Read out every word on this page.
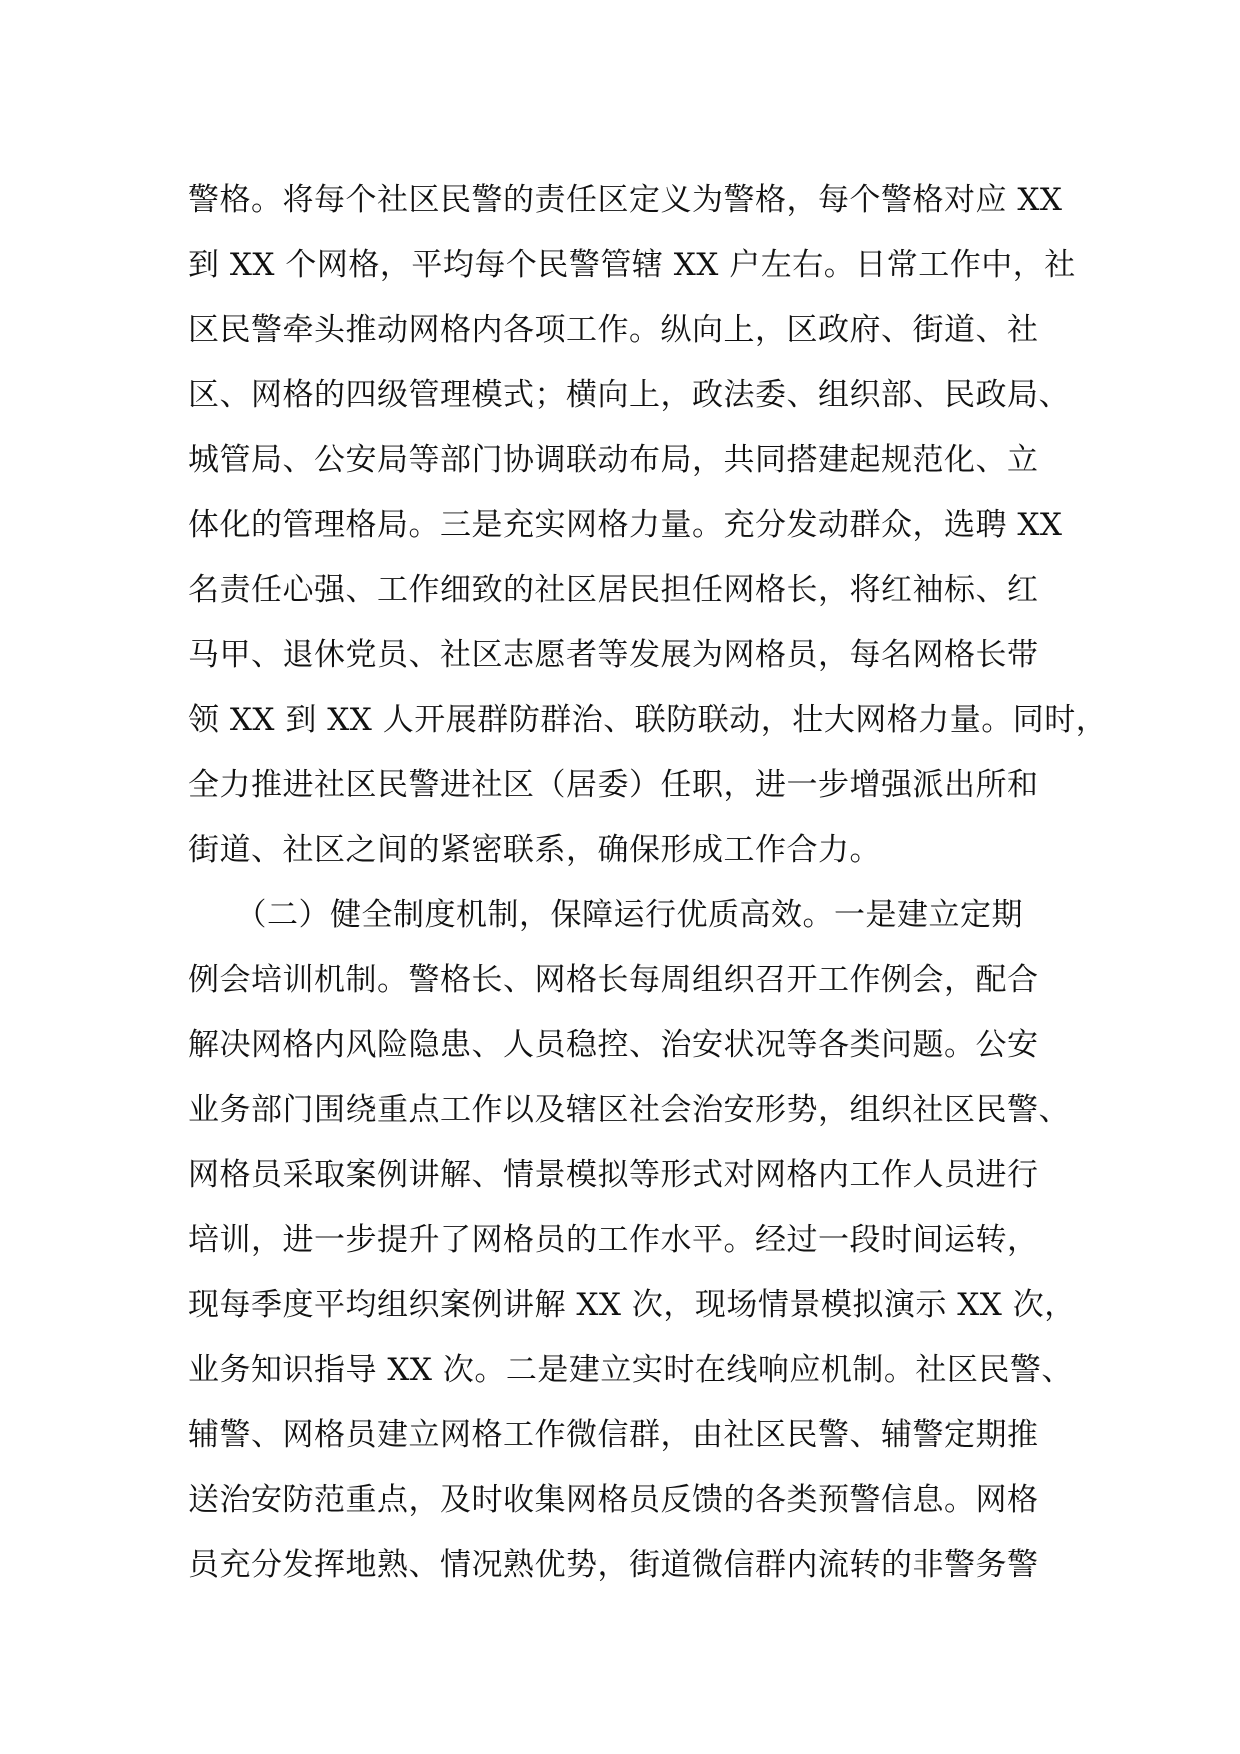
警格。将每个社区民警的责任区定义为警格，每个警格对应 XX
到 XX 个网格，平均每个民警管辖 XX 户左右。日常工作中，社
区民警牵头推动网格内各项工作。纵向上，区政府、街道、社
区、网格的四级管理模式；横向上，政法委、组织部、民政局、
城管局、公安局等部门协调联动布局，共同搭建起规范化、立
体化的管理格局。三是充实网格力量。充分发动群众，选聘 XX
名责任心强、工作细致的社区居民担任网格长，将红袖标、红
马甲、退休党员、社区志愿者等发展为网格员，每名网格长带
领 XX 到 XX 人开展群防群治、联防联动，壮大网格力量。同时，
全力推进社区民警进社区（居委）任职，进一步增强派出所和
街道、社区之间的紧密联系，确保形成工作合力。
　　（二）健全制度机制，保障运行优质高效。一是建立定期
例会培训机制。警格长、网格长每周组织召开工作例会，配合
解决网格内风险隐患、人员稳控、治安状况等各类问题。公安
业务部门围绕重点工作以及辖区社会治安形势，组织社区民警、
网格员采取案例讲解、情景模拟等形式对网格内工作人员进行
培训，进一步提升了网格员的工作水平。经过一段时间运转，
现每季度平均组织案例讲解 XX 次，现场情景模拟演示 XX 次，
业务知识指导 XX 次。二是建立实时在线响应机制。社区民警、
辅警、网格员建立网格工作微信群，由社区民警、辅警定期推
送治安防范重点，及时收集网格员反馈的各类预警信息。网格
员充分发挥地熟、情况熟优势，街道微信群内流转的非警务警
